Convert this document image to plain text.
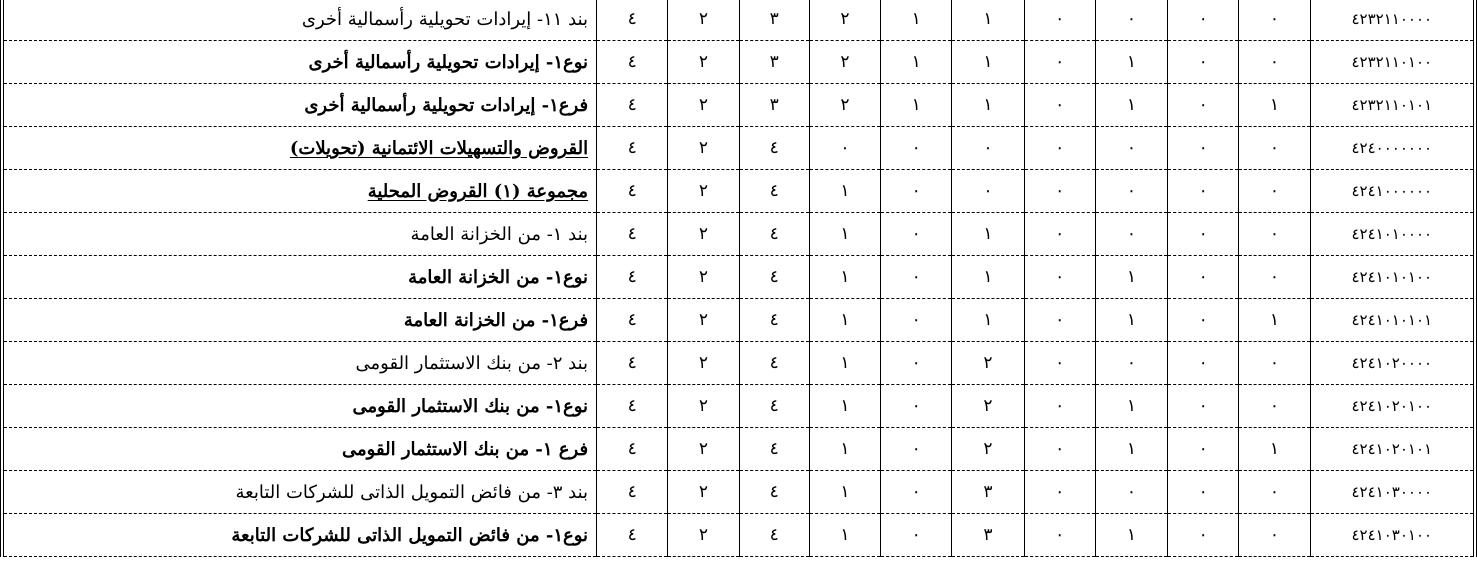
٤٢٣٢١١٠٠٠٠	٠	٠	٠	٠	١	١	٢	٣	٢	٤	بند ١١- إيرادات تحويلية رأسمالية أخرى
٤٢٣٢١١٠١٠٠	٠	٠	١	٠	١	١	٢	٣	٢	٤	نوع١- إيرادات تحويلية رأسمالية أخرى
٤٢٣٢١١٠١٠١	١	٠	١	٠	١	١	٢	٣	٢	٤	فرع١- إيرادات تحويلية رأسمالية أخرى
٤٢٤٠٠٠٠٠٠٠	٠	٠	٠	٠	٠	٠	٠	٤	٢	٤	القروض والتسهيلات الائتمانية (تحويلات)
٤٢٤١٠٠٠٠٠٠	٠	٠	٠	٠	٠	٠	١	٤	٢	٤	مجموعة (١) القروض المحلية
٤٢٤١٠١٠٠٠٠	٠	٠	٠	٠	١	٠	١	٤	٢	٤	بند ١- من الخزانة العامة
٤٢٤١٠١٠١٠٠	٠	٠	١	٠	١	٠	١	٤	٢	٤	نوع١- من الخزانة العامة
٤٢٤١٠١٠١٠١	١	٠	١	٠	١	٠	١	٤	٢	٤	فرع١- من الخزانة العامة
٤٢٤١٠٢٠٠٠٠	٠	٠	٠	٠	٢	٠	١	٤	٢	٤	بند ٢- من بنك الاستثمار القومى
٤٢٤١٠٢٠١٠٠	٠	٠	١	٠	٢	٠	١	٤	٢	٤	نوع١- من بنك الاستثمار القومى
٤٢٤١٠٢٠١٠١	١	٠	١	٠	٢	٠	١	٤	٢	٤	فرع ١- من بنك الاستثمار القومى
٤٢٤١٠٣٠٠٠٠	٠	٠	٠	٠	٣	٠	١	٤	٢	٤	بند ٣- من فائض التمويل الذاتى للشركات التابعة
٤٢٤١٠٣٠١٠٠	٠	٠	١	٠	٣	٠	١	٤	٢	٤	نوع١- من فائض التمويل الذاتى للشركات التابعة
